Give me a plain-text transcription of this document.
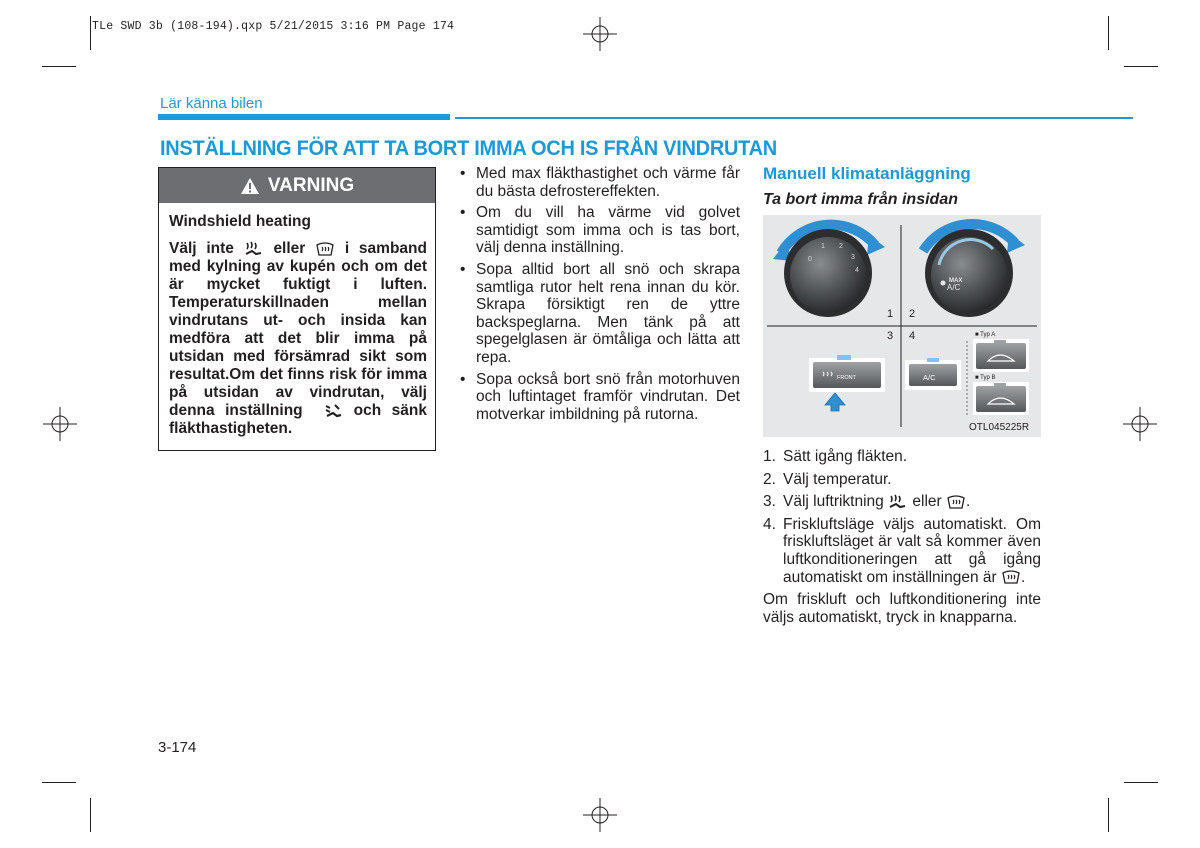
TLe SWD 3b (108-194).qxp 5/21/2015 3:16 PM Page 174
Lär känna bilen
INSTÄLLNING FÖR ATT TA BORT IMMA OCH IS FRÅN VINDRUTAN
VARNING
Windshield heating
Välj inte	eller	i samband med kylning av kupén och om det är mycket fuktigt i luften. Temperaturskillnaden mellan vindrutans ut- och insida kan medföra att det blir imma på utsidan med försämrad sikt som resultat.Om det finns risk för imma på utsidan av vindrutan, välj denna inställning	och sänk fläkthastigheten.
• Med max fläkthastighet och värme får du bästa defrostereffekten.
• Om du vill ha värme vid golvet samtidigt som imma och is tas bort, välj denna inställning.
• Sopa alltid bort all snö och skrapa samtliga rutor helt rena innan du kör. Skrapa försiktigt ren de yttre backspeglarna. Men tänk på att spegelglasen är ömtåliga och lätta att repa.
• Sopa också bort snö från motorhuven och luftintaget framför vindrutan. Det motverkar imbildning på rutorna.
Manuell klimatanläggning
Ta bort imma från insidan
0
1 2
3
4
MAX
A/C
1 2
3 4
FRONT	A/C
■ Typ A
■ Typ B
OTL045225R
1. Sätt igång fläkten.
2. Välj temperatur.
3. Välj luftriktning eller .
4. Friskluftsläge väljs automatiskt. Om friskluftsläget är valt så kommer även luftkonditioneringen att gå igång automatiskt om inställningen är .
Om friskluft och luftkonditionering inte väljs automatiskt, tryck in knapparna.
3-174
